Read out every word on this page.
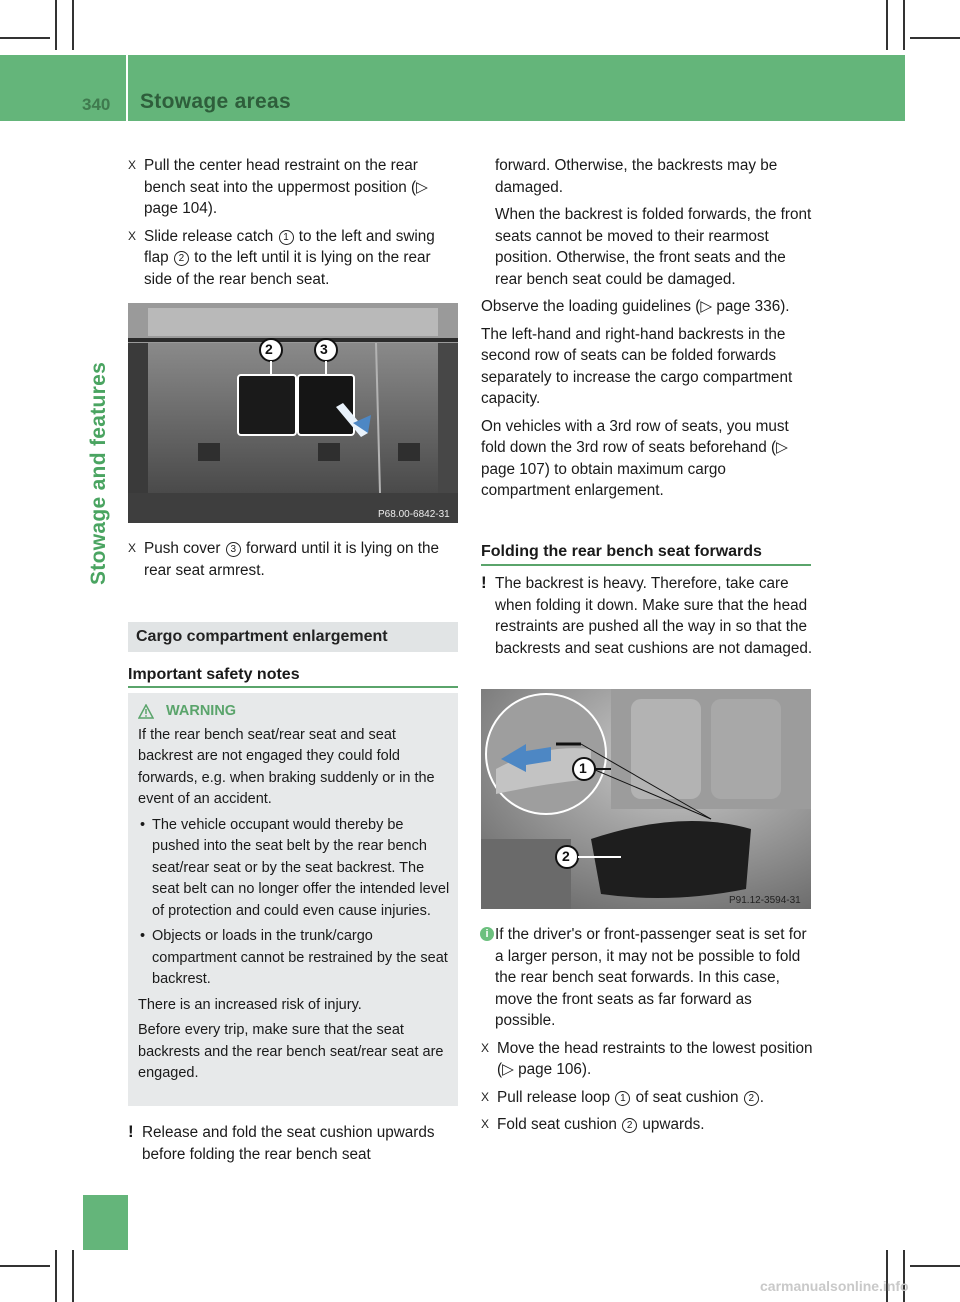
340 Stowage areas
Stowage and features
X Pull the center head restraint on the rear bench seat into the uppermost position (▷ page 104).
X Slide release catch 1 to the left and swing flap 2 to the left until it is lying on the rear side of the rear bench seat.
2	3
P68.00-6842-31
X Push cover 3 forward until it is lying on the rear seat armrest.
Cargo compartment enlargement
Important safety notes
WARNING
If the rear bench seat/rear seat and seat backrest are not engaged they could fold forwards, e.g. when braking suddenly or in the event of an accident.
• The vehicle occupant would thereby be pushed into the seat belt by the rear bench seat/rear seat or by the seat backrest. The seat belt can no longer offer the intended level of protection and could even cause injuries.
• Objects or loads in the trunk/cargo compartment cannot be restrained by the seat backrest.
There is an increased risk of injury.
Before every trip, make sure that the seat backrests and the rear bench seat/rear seat are engaged.
! Release and fold the seat cushion upwards before folding the rear bench seat
forward. Otherwise, the backrests may be damaged.
When the backrest is folded forwards, the front seats cannot be moved to their rearmost position. Otherwise, the front seats and the rear bench seat could be damaged.
Observe the loading guidelines (▷ page 336).
The left-hand and right-hand backrests in the second row of seats can be folded forwards separately to increase the cargo compartment capacity.
On vehicles with a 3rd row of seats, you must fold down the 3rd row of seats beforehand (▷ page 107) to obtain maximum cargo compartment enlargement.
Folding the rear bench seat forwards
! The backrest is heavy. Therefore, take care when folding it down. Make sure that the head restraints are pushed all the way in so that the backrests and seat cushions are not damaged.
1
2
P91.12-3594-31
i If the driver's or front-passenger seat is set for a larger person, it may not be possible to fold the rear bench seat forwards. In this case, move the front seats as far forward as possible.
X Move the head restraints to the lowest position (▷ page 106).
X Pull release loop 1 of seat cushion 2 .
X Fold seat cushion 2 upwards.
carmanualsonline.info
